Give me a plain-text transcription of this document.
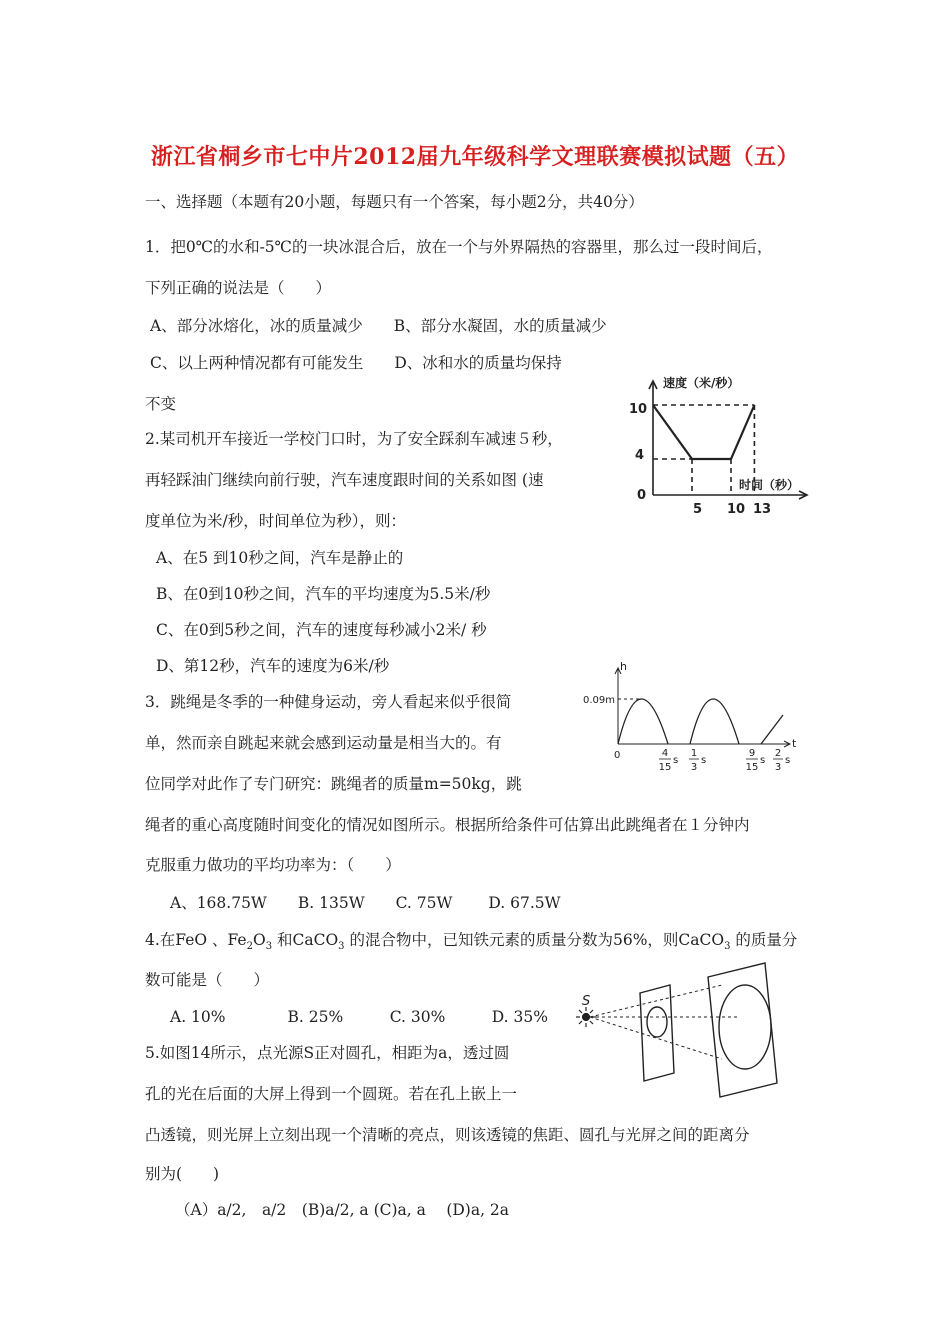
浙江省桐乡市七中片2012届九年级科学文理联赛模拟试题（五）
一、选择题（本题有20小题，每题只有一个答案，每小题2分，共40分）
1．把0℃的水和-5℃的一块冰混合后，放在一个与外界隔热的容器里，那么过一段时间后，
下列正确的说法是（　　）
A、部分冰熔化，冰的质量减少　　B、部分水凝固，水的质量减少
C、以上两种情况都有可能发生　　D、冰和水的质量均保持
不变
2.某司机开车接近一学校门口时，为了安全踩刹车减速５秒，
再轻踩油门继续向前行驶，汽车速度跟时间的关系如图 (速
度单位为米/秒，时间单位为秒），则：
A、在5 到10秒之间，汽车是静止的
B、在0到10秒之间，汽车的平均速度为5.5米/秒
C、在0到5秒之间，汽车的速度每秒减小2米/ 秒
D、第12秒，汽车的速度为6米/秒
3．跳绳是冬季的一种健身运动，旁人看起来似乎很简
单，然而亲自跳起来就会感到运动量是相当大的。有
位同学对此作了专门研究：跳绳者的质量m=50kg，跳
绳者的重心高度随时间变化的情况如图所示。根据所给条件可估算出此跳绳者在１分钟内
克服重力做功的平均功率为：（　　）
A、168.75W　　B. 135W　　C. 75W　　 D. 67.5W
4.在FeO 、$Fe_2O_3$ 和CaCO$_3$ 的混合物中，已知铁元素的质量分数为56%，则CaCO$_3$ 的质量分
数可能是（　　）
A. 10%　　　　B. 25%　　　C. 30%　　　D. 35%
5.如图14所示，点光源S正对圆孔，相距为a，透过圆
孔的光在后面的大屏上得到一个圆斑。若在孔上嵌上一
凸透镜，则光屏上立刻出现一个清晰的亮点，则该透镜的焦距、圆孔与光屏之间的距离分
别为(　　)
（A）a/2,　a/2　(B)a/2, a (C)a, a　 (D)a, 2a
速度（米/秒）
时间（秒）
10
4
0
5 10 13
h
t
0.09m
0	4
15
s
1
3
s
9
15
s
2
3
s
S
